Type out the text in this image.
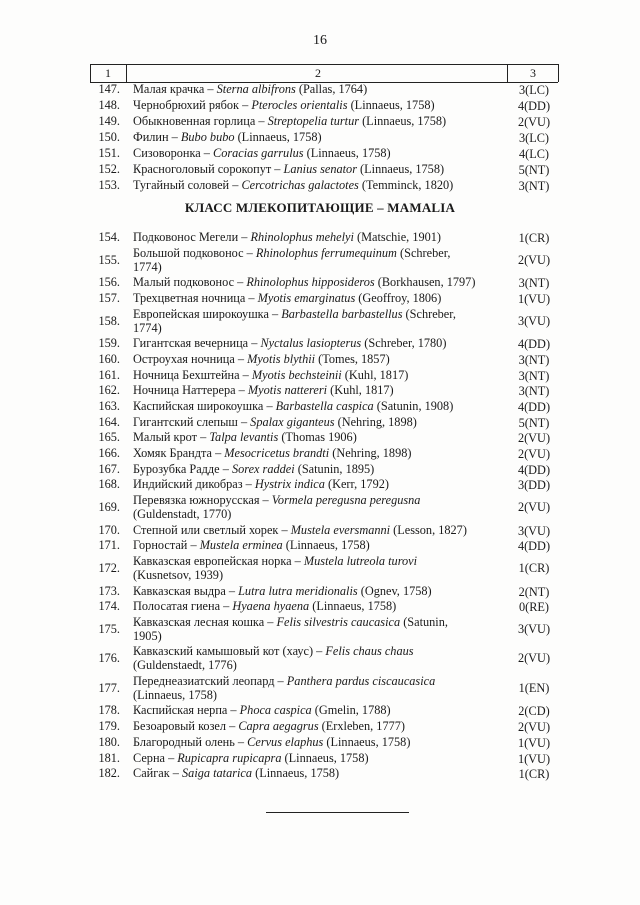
16
1	2	3
147. Малая крачка – Sterna albifrons (Pallas, 1764)	3(LC)
148. Чернобрюхий рябок – Pterocles orientalis (Linnaeus, 1758)	4(DD)
149. Обыкновенная горлица – Streptopelia turtur (Linnaeus, 1758)	2(VU)
150. Филин – Bubo bubo (Linnaeus, 1758)	3(LC)
151. Сизоворонка – Coracias garrulus (Linnaeus, 1758)	4(LC)
152. Красноголовый сорокопут – Lanius senator (Linnaeus, 1758)	5(NT)
153. Тугайный соловей – Cercotrichas galactotes (Temminck, 1820)	3(NT)
КЛАСС МЛЕКОПИТАЮЩИЕ – MAMALIA
154. Подковонос Мегели – Rhinolophus mehelyi (Matschie, 1901)	1(CR)
155. Большой подковонос – Rhinolophus ferrumequinum (Schreber,
1774)	2(VU)
156. Малый подковонос – Rhinolophus hipposideros (Borkhausen, 1797)	3(NT)
157. Трехцветная ночница – Myotis emarginatus (Geoffroy, 1806)	1(VU)
158. Европейская широкоушка – Barbastella barbastellus (Schreber,
1774)	3(VU)
159. Гигантская вечерница – Nyctalus lasiopterus (Schreber, 1780)	4(DD)
160. Остроухая ночница – Myotis blythii (Tomes, 1857)	3(NT)
161. Ночница Бехштейна – Myotis bechsteinii (Kuhl, 1817)	3(NT)
162. Ночница Наттерера – Myotis nattereri (Kuhl, 1817)	3(NT)
163. Каспийская широкоушка – Barbastella caspica (Satunin, 1908)	4(DD)
164. Гигантский слепыш – Spalax giganteus (Nehring, 1898)	5(NT)
165. Малый крот – Talpa levantis (Thomas 1906)	2(VU)
166. Хомяк Брандта – Mesocricetus brandti (Nehring, 1898)	2(VU)
167. Бурозубка Радде – Sorex raddei (Satunin, 1895)	4(DD)
168. Индийский дикобраз – Hystrix indica (Kerr, 1792)	3(DD)
169. Перевязка южнорусская – Vormela peregusna peregusna
(Guldenstadt, 1770)	2(VU)
170. Степной или светлый хорек – Mustela eversmanni (Lesson, 1827)	3(VU)
171. Горностай – Mustela erminea (Linnaeus, 1758)	4(DD)
172. Кавказская европейская норка – Mustela lutreola turovi
(Kusnetsov, 1939)	1(CR)
173. Кавказская выдра – Lutra lutra meridionalis (Ognev, 1758)	2(NT)
174. Полосатая гиена – Hyaena hyaena (Linnaeus, 1758)	0(RE)
175. Кавказская лесная кошка – Felis silvestris caucasica (Satunin,
1905)	3(VU)
176. Кавказский камышовый кот (хаус) – Felis chaus chaus
(Guldenstaedt, 1776)	2(VU)
177. Переднеазиатский леопард – Panthera pardus ciscaucasica
(Linnaeus, 1758)	1(EN)
178. Каспийская нерпа – Phoca caspica (Gmelin, 1788)	2(CD)
179. Безоаровый козел – Capra aegagrus (Erxleben, 1777)	2(VU)
180. Благородный олень – Cervus elaphus (Linnaeus, 1758)	1(VU)
181. Серна – Rupicapra rupicapra (Linnaeus, 1758)	1(VU)
182. Сайгак – Saiga tatarica (Linnaeus, 1758)	1(CR)
